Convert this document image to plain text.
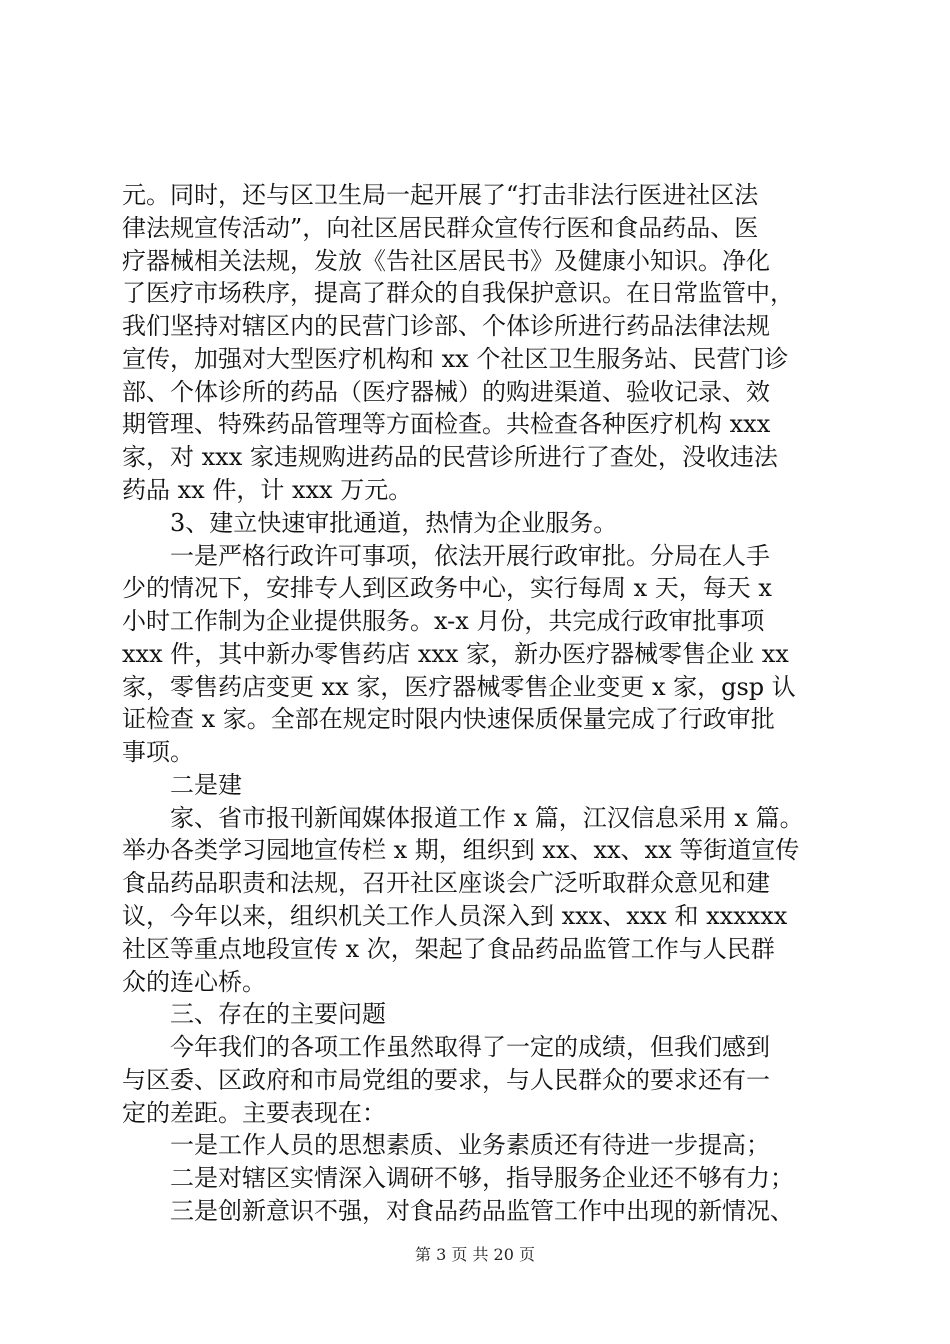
元。同时，还与区卫生局一起开展了“打击非法行医进社区法
律法规宣传活动”，向社区居民群众宣传行医和食品药品、医
疗器械相关法规，发放《告社区居民书》及健康小知识。净化
了医疗市场秩序，提高了群众的自我保护意识。在日常监管中，
我们坚持对辖区内的民营门诊部、个体诊所进行药品法律法规
宣传，加强对大型医疗机构和 xx 个社区卫生服务站、民营门诊
部、个体诊所的药品（医疗器械）的购进渠道、验收记录、效
期管理、特殊药品管理等方面检查。共检查各种医疗机构 xxx
家，对 xxx 家违规购进药品的民营诊所进行了查处，没收违法
药品 xx 件，计 xxx 万元。
3、建立快速审批通道，热情为企业服务。
一是严格行政许可事项，依法开展行政审批。分局在人手
少的情况下，安排专人到区政务中心，实行每周 x 天，每天 x
小时工作制为企业提供服务。x-x 月份，共完成行政审批事项
xxx 件，其中新办零售药店 xxx 家，新办医疗器械零售企业 xx
家，零售药店变更 xx 家，医疗器械零售企业变更 x 家，gsp 认
证检查 x 家。全部在规定时限内快速保质保量完成了行政审批
事项。
二是建
家、省市报刊新闻媒体报道工作 x 篇，江汉信息采用 x 篇。
举办各类学习园地宣传栏 x 期，组织到 xx、xx、xx 等街道宣传
食品药品职责和法规，召开社区座谈会广泛听取群众意见和建
议，今年以来，组织机关工作人员深入到 xxx、xxx 和 xxxxxx
社区等重点地段宣传 x 次，架起了食品药品监管工作与人民群
众的连心桥。
三、存在的主要问题
今年我们的各项工作虽然取得了一定的成绩，但我们感到
与区委、区政府和市局党组的要求，与人民群众的要求还有一
定的差距。主要表现在：
一是工作人员的思想素质、业务素质还有待进一步提高；
二是对辖区实情深入调研不够，指导服务企业还不够有力；
三是创新意识不强，对食品药品监管工作中出现的新情况、
第 3 页 共 20 页
